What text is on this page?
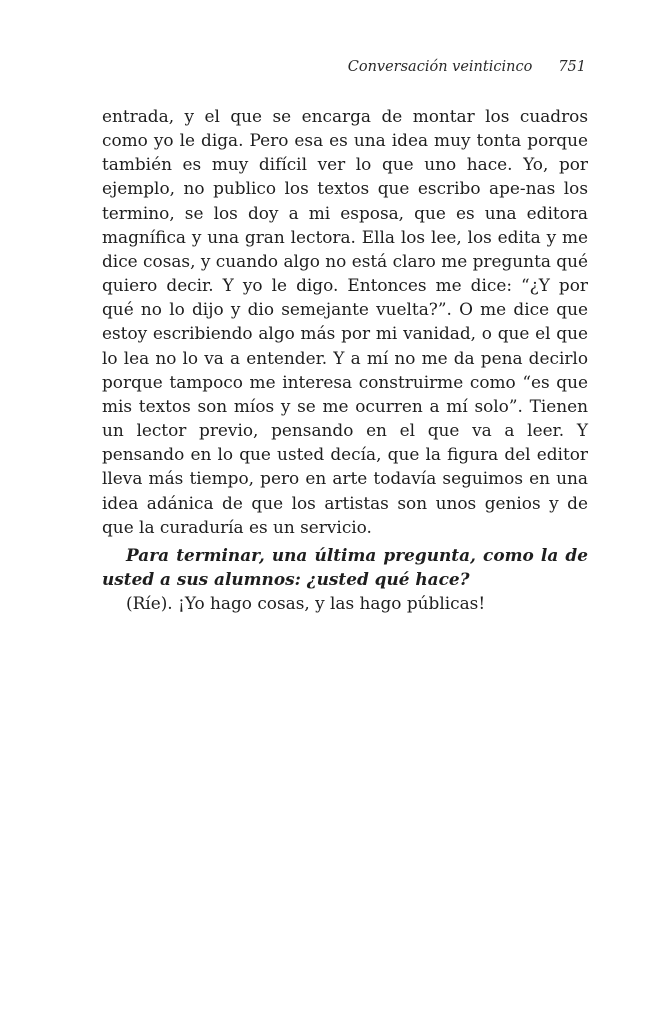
Conversación veinticinco 751

entrada, y el que se encarga de montar los cuadros como yo le diga. Pero esa es una idea muy tonta porque también es muy difícil ver lo que uno hace. Yo, por ejemplo, no publico los textos que escribo ape-nas los termino, se los doy a mi esposa, que es una editora magnífica y una gran lectora. Ella los lee, los edita y me dice cosas, y cuando algo no está claro me pregunta qué quiero decir. Y yo le digo. Entonces me dice: “¿Y por qué no lo dijo y dio semejante vuelta?”. O me dice que estoy escribiendo algo más por mi vanidad, o que el que lo lea no lo va a entender. Y a mí no me da pena decirlo porque tampoco me interesa construirme como “es que mis textos son míos y se me ocurren a mí solo”. Tienen un lector previo, pensando en el que va a leer. Y pensando en lo que usted decía, que la figura del editor lleva más tiempo, pero en arte todavía seguimos en una idea adánica de que los artistas son unos genios y de que la curaduría es un servicio.

Para terminar, una última pregunta, como la de usted a sus alumnos: ¿usted qué hace?

(Ríe). ¡Yo hago cosas, y las hago públicas!
